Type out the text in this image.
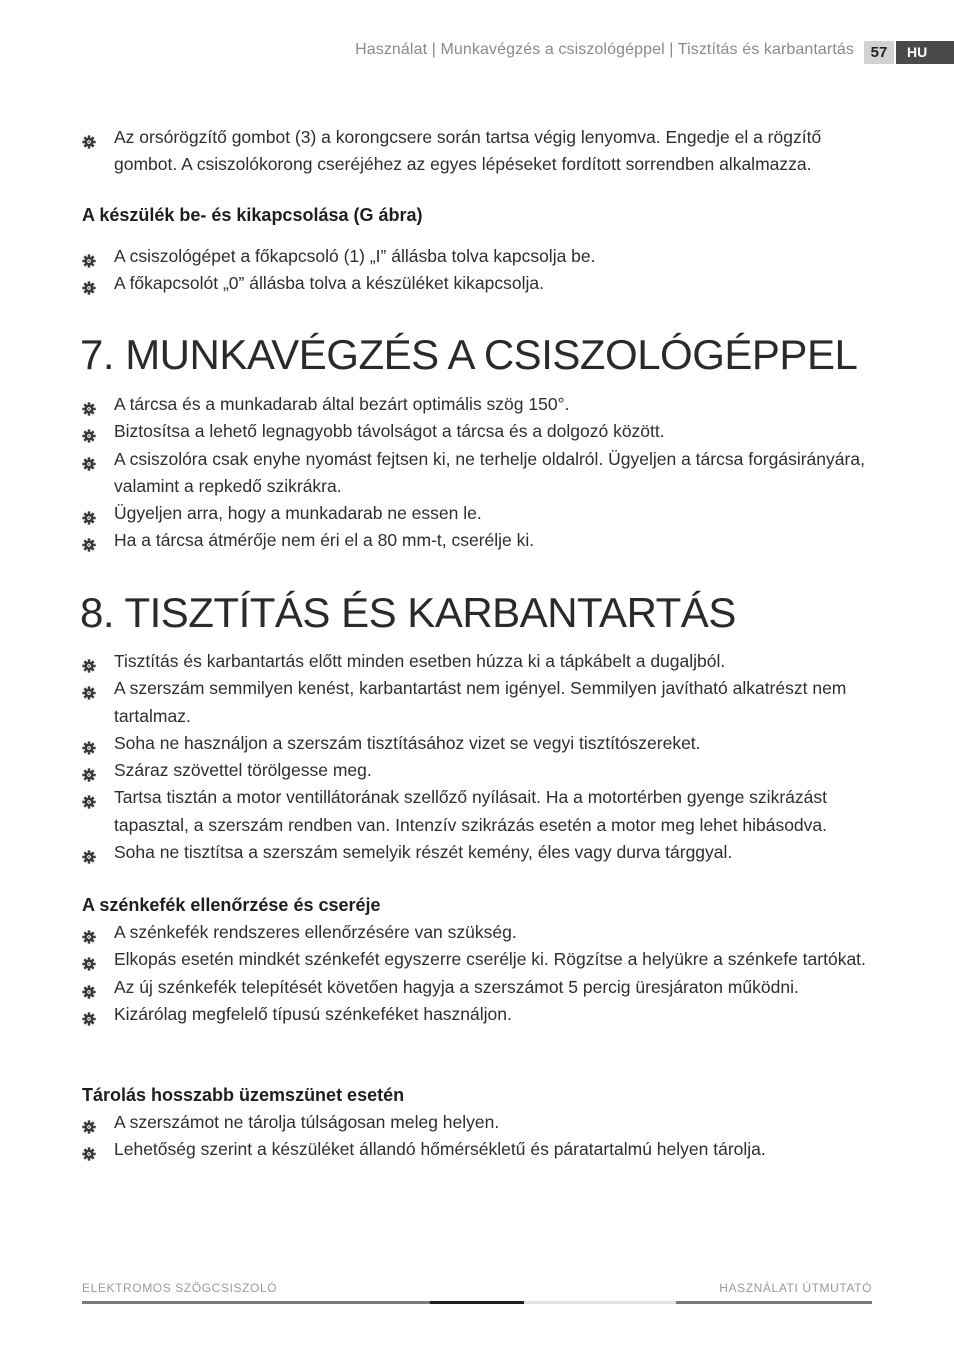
Használat | Munkavégzés a csiszológéppel | Tisztítás és karbantartás	57	HU
Az orsórögzítő gombot (3) a korongcsere során tartsa végig lenyomva. Engedje el a rögzítő gombot. A csiszolókorong cseréjéhez az egyes lépéseket fordított sorrendben alkalmazza.
A készülék be- és kikapcsolása (G ábra)
A csiszológépet a főkapcsoló (1) „I” állásba tolva kapcsolja be.
A főkapcsolót „0” állásba tolva a készüléket kikapcsolja.
7. MUNKAVÉGZÉS A CSISZOLÓGÉPPEL
A tárcsa és a munkadarab által bezárt optimális szög 150°.
Biztosítsa a lehető legnagyobb távolságot a tárcsa és a dolgozó között.
A csiszolóra csak enyhe nyomást fejtsen ki, ne terhelje oldalról. Ügyeljen a tárcsa forgásirányára, valamint a repkedő szikrákra.
Ügyeljen arra, hogy a munkadarab ne essen le.
Ha a tárcsa átmérője nem éri el a 80 mm-t, cserélje ki.
8. TISZTÍTÁS ÉS KARBANTARTÁS
Tisztítás és karbantartás előtt minden esetben húzza ki a tápkábelt a dugaljból.
A szerszám semmilyen kenést, karbantartást nem igényel. Semmilyen javítható alkatrészt nem tartalmaz.
Soha ne használjon a szerszám tisztításához vizet se vegyi tisztítószereket.
Száraz szövettel törölgesse meg.
Tartsa tisztán a motor ventillátorának szellőző nyílásait. Ha a motortérben gyenge szikrázást tapasztal, a szerszám rendben van. Intenzív szikrázás esetén a motor meg lehet hibásodva.
Soha ne tisztítsa a szerszám semelyik részét kemény, éles vagy durva tárggyal.
A szénkefék ellenőrzése és cseréje
A szénkefék rendszeres ellenőrzésére van szükség.
Elkopás esetén mindkét szénkefét egyszerre cserélje ki. Rögzítse a helyükre a szénkefe tartókat.
Az új szénkefék telepítését követően hagyja a szerszámot 5 percig üresjáraton működni.
Kizárólag megfelelő típusú szénkeféket használjon.
Tárolás hosszabb üzemszünet esetén
A szerszámot ne tárolja túlságosan meleg helyen.
Lehetőség szerint a készüléket állandó hőmérsékletű és páratartalmú helyen tárolja.
ELEKTROMOS SZÖGCSISZOLÓ	HASZNÁLATI ÚTMUTATÓ
